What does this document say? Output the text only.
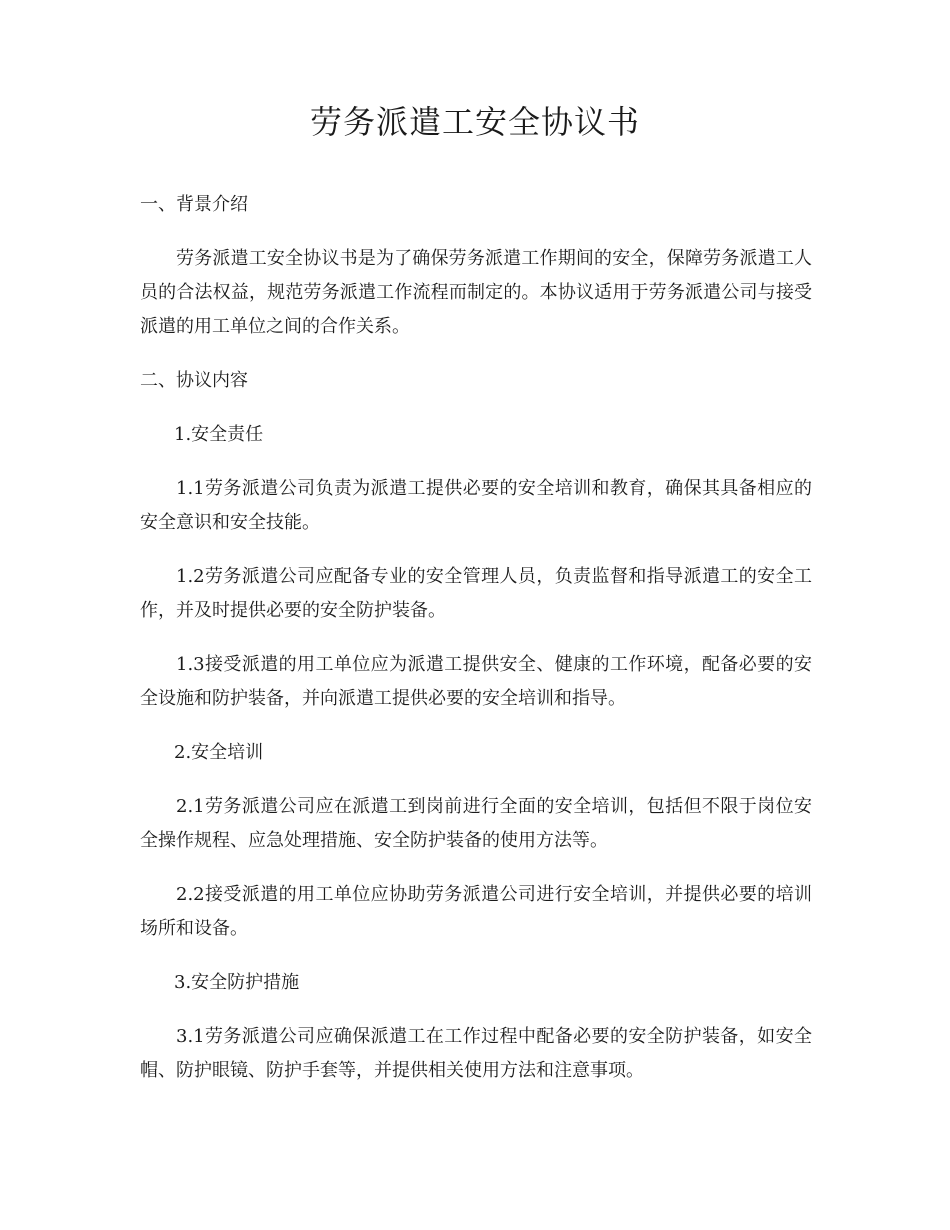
劳务派遣工安全协议书
一、背景介绍

劳务派遣工安全协议书是为了确保劳务派遣工作期间的安全，保障劳务派遣工人员的合法权益，规范劳务派遣工作流程而制定的。本协议适用于劳务派遣公司与接受派遣的用工单位之间的合作关系。

二、协议内容
1.安全责任

1.1劳务派遣公司负责为派遣工提供必要的安全培训和教育，确保其具备相应的安全意识和安全技能。

1.2劳务派遣公司应配备专业的安全管理人员，负责监督和指导派遣工的安全工作，并及时提供必要的安全防护装备。

1.3接受派遣的用工单位应为派遣工提供安全、健康的工作环境，配备必要的安全设施和防护装备，并向派遣工提供必要的安全培训和指导。

2.安全培训

2.1劳务派遣公司应在派遣工到岗前进行全面的安全培训，包括但不限于岗位安全操作规程、应急处理措施、安全防护装备的使用方法等。

2.2接受派遣的用工单位应协助劳务派遣公司进行安全培训，并提供必要的培训场所和设备。

3.安全防护措施

3.1劳务派遣公司应确保派遣工在工作过程中配备必要的安全防护装备，如安全帽、防护眼镜、防护手套等，并提供相关使用方法和注意事项。
